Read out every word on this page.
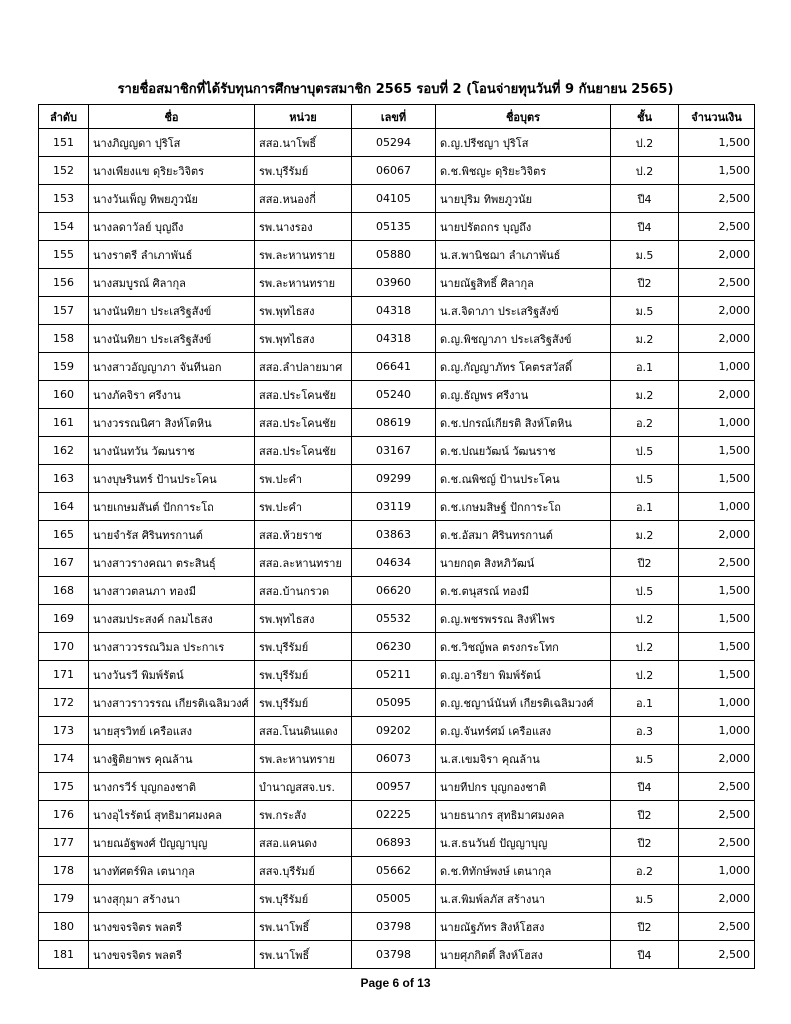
รายชื่อสมาชิกที่ได้รับทุนการศึกษาบุตรสมาชิก 2565 รอบที่ 2 (โอนจ่ายทุนวันที่ 9 กันยายน 2565)
ลำดับ	ชื่อ	หน่วย	เลขที่	ชื่อบุตร	ชั้น	จำนวนเงิน
151	นางภิญญดา ปุริโส	สสอ.นาโพธิ์	05294	ด.ญ.ปรีชญา ปุริโส	ป.2	1,500
152	นางเพียงแข ดุริยะวิจิตร	รพ.บุรีรัมย์	06067	ด.ช.พิชญะ ดุริยะวิจิตร	ป.2	1,500
153	นางวันเพ็ญ ทิพยภูวนัย	สสอ.หนองกี่	04105	นายปุริม ทิพยภูวนัย	ปี4	2,500
154	นางลดาวัลย์ บุญถึง	รพ.นางรอง	05135	นายปรัตถกร บุญถึง	ปี4	2,500
155	นางราตรี ลำเภาพันธ์	รพ.ละหานทราย	05880	น.ส.พานิชฌา ลำเภาพันธ์	ม.5	2,000
156	นางสมบูรณ์ ศิลากุล	รพ.ละหานทราย	03960	นายณัฐสิทธิ์ ศิลากุล	ปี2	2,500
157	นางนันทิยา ประเสริฐสังข์	รพ.พุทไธสง	04318	น.ส.จิดาภา ประเสริฐสังข์	ม.5	2,000
158	นางนันทิยา ประเสริฐสังข์	รพ.พุทไธสง	04318	ด.ญ.พิชญาภา ประเสริฐสังข์	ม.2	2,000
159	นางสาวอัญญาภา จันทีนอก	สสอ.ลำปลายมาศ	06641	ด.ญ.กัญญาภัทร โคตรสวัสดิ์	อ.1	1,000
160	นางภัคจิรา ศรีงาน	สสอ.ประโคนชัย	05240	ด.ญ.ธัญพร ศรีงาน	ม.2	2,000
161	นางวรรณนิศา สิงห์โตหิน	สสอ.ประโคนชัย	08619	ด.ช.ปกรณ์เกียรติ สิงห์โตหิน	อ.2	1,000
162	นางนันทวัน วัฒนราช	สสอ.ประโคนชัย	03167	ด.ช.ปณยวัฒน์ วัฒนราช	ป.5	1,500
163	นางบุษรินทร์ ป้านประโคน	รพ.ปะคำ	09299	ด.ช.ณพิชญ์ ป้านประโคน	ป.5	1,500
164	นายเกษมสันต์ ปักการะโถ	รพ.ปะคำ	03119	ด.ช.เกษมสิษฐ์ ปักการะโถ	อ.1	1,000
165	นายจำรัส ศิรินทรกานต์	สสอ.ห้วยราช	03863	ด.ช.อัสมา ศิรินทรกานต์	ม.2	2,000
167	นางสาวรางคณา ตระสินธุ์	สสอ.ละหานทราย	04634	นายกฤต สิงหภิวัฒน์	ปี2	2,500
168	นางสาวตลนภา ทองมี	สสอ.บ้านกรวด	06620	ด.ช.ตนุสรณ์ ทองมี	ป.5	1,500
169	นางสมประสงค์ กลมไธสง	รพ.พุทไธสง	05532	ด.ญ.พชรพรรณ สิงห์ไพร	ป.2	1,500
170	นางสาววรรณวิมล ประกาเร	รพ.บุรีรัมย์	06230	ด.ช.วิชญ์พล ตรงกระโทก	ป.2	1,500
171	นางวันรวี พิมพ์รัตน์	รพ.บุรีรัมย์	05211	ด.ญ.อารียา พิมพ์รัตน์	ป.2	1,500
172	นางสาวราวรรณ เกียรติเฉลิมวงศ์	รพ.บุรีรัมย์	05095	ด.ญ.ชญาน์นันท์ เกียรติเฉลิมวงศ์	อ.1	1,000
173	นายสุรวิทย์ เครือแสง	สสอ.โนนดินแดง	09202	ด.ญ.จันทร์ศม์ เครือแสง	อ.3	1,000
174	นางฐิติยาพร คุณล้าน	รพ.ละหานทราย	06073	น.ส.เขมจิรา คุณล้าน	ม.5	2,000
175	นางกรวีร์ บุญกองชาติ	บำนาญสสจ.บร.	00957	นายทีปกร บุญกองชาติ	ปี4	2,500
176	นางอุไรรัตน์ สุทธิมาศมงคล	รพ.กระสัง	02225	นายธนากร สุทธิมาศมงคล	ปี2	2,500
177	นายณอัฐพงศ์ ปัญญาบุญ	สสอ.แคนดง	06893	น.ส.ธนวันย์ ปัญญาบุญ	ปี2	2,500
178	นางทัศตร์พิล เตนากุล	สสจ.บุรีรัมย์	05662	ด.ช.ทิทักษ์พงษ์ เตนากุล	อ.2	1,000
179	นางสุกุมา สร้างนา	รพ.บุรีรัมย์	05005	น.ส.พิมพ์ลภัส สร้างนา	ม.5	2,000
180	นางขจรจิตร พลตรี	รพ.นาโพธิ์	03798	นายณัฐภัทร สิงห์โฮสง	ปี2	2,500
181	นางขจรจิตร พลตรี	รพ.นาโพธิ์	03798	นายศุภกิตติ์ สิงห์โฮสง	ปี4	2,500
Page 6 of 13
